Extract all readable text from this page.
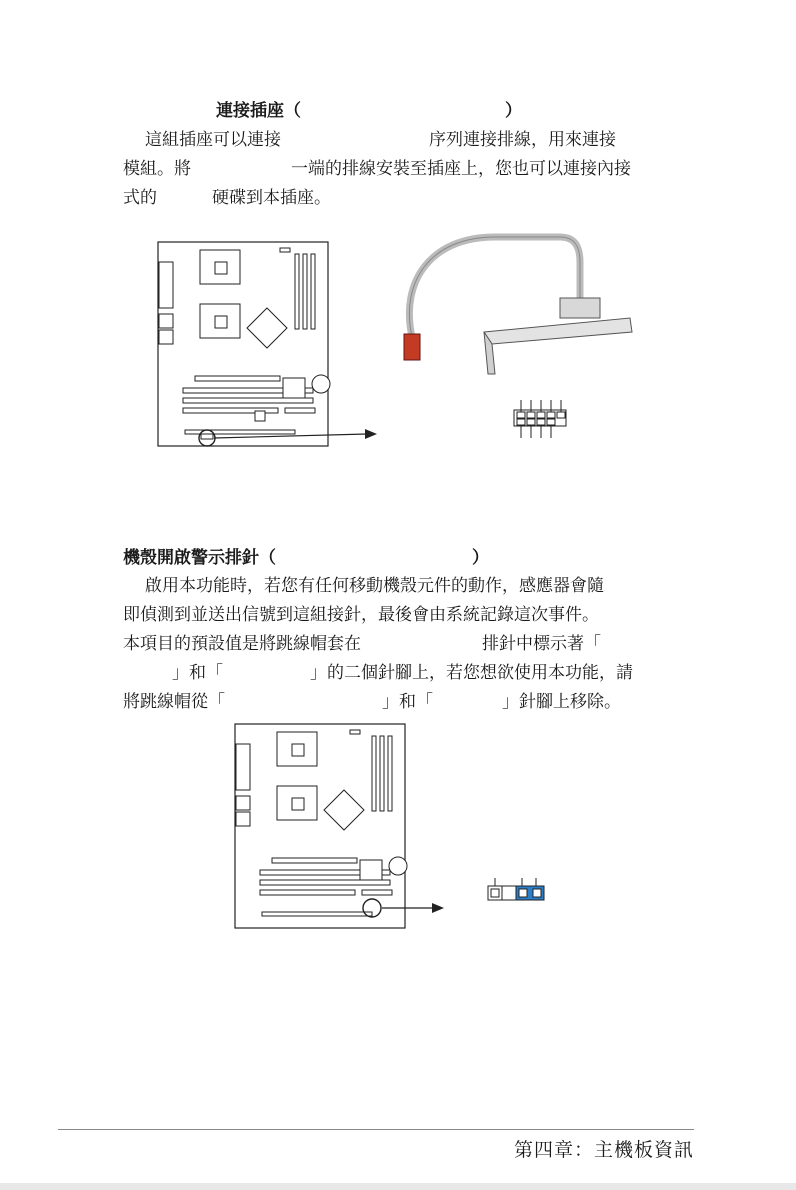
連接插座（	）
這組插座可以連接	序列連接排線，用來連接
模組。將	一端的排線安裝至插座上，您也可以連接內接
式的	硬碟到本插座。
機殼開啟警示排針（	）
啟用本功能時，若您有任何移動機殼元件的動作，感應器會隨
即偵測到並送出信號到這組接針，最後會由系統記錄這次事件。
本項目的預設值是將跳線帽套在	排針中標示著「
」和「	」的二個針腳上，若您想欲使用本功能，請
將跳線帽從「	」和「	」針腳上移除。
第四章：主機板資訊
